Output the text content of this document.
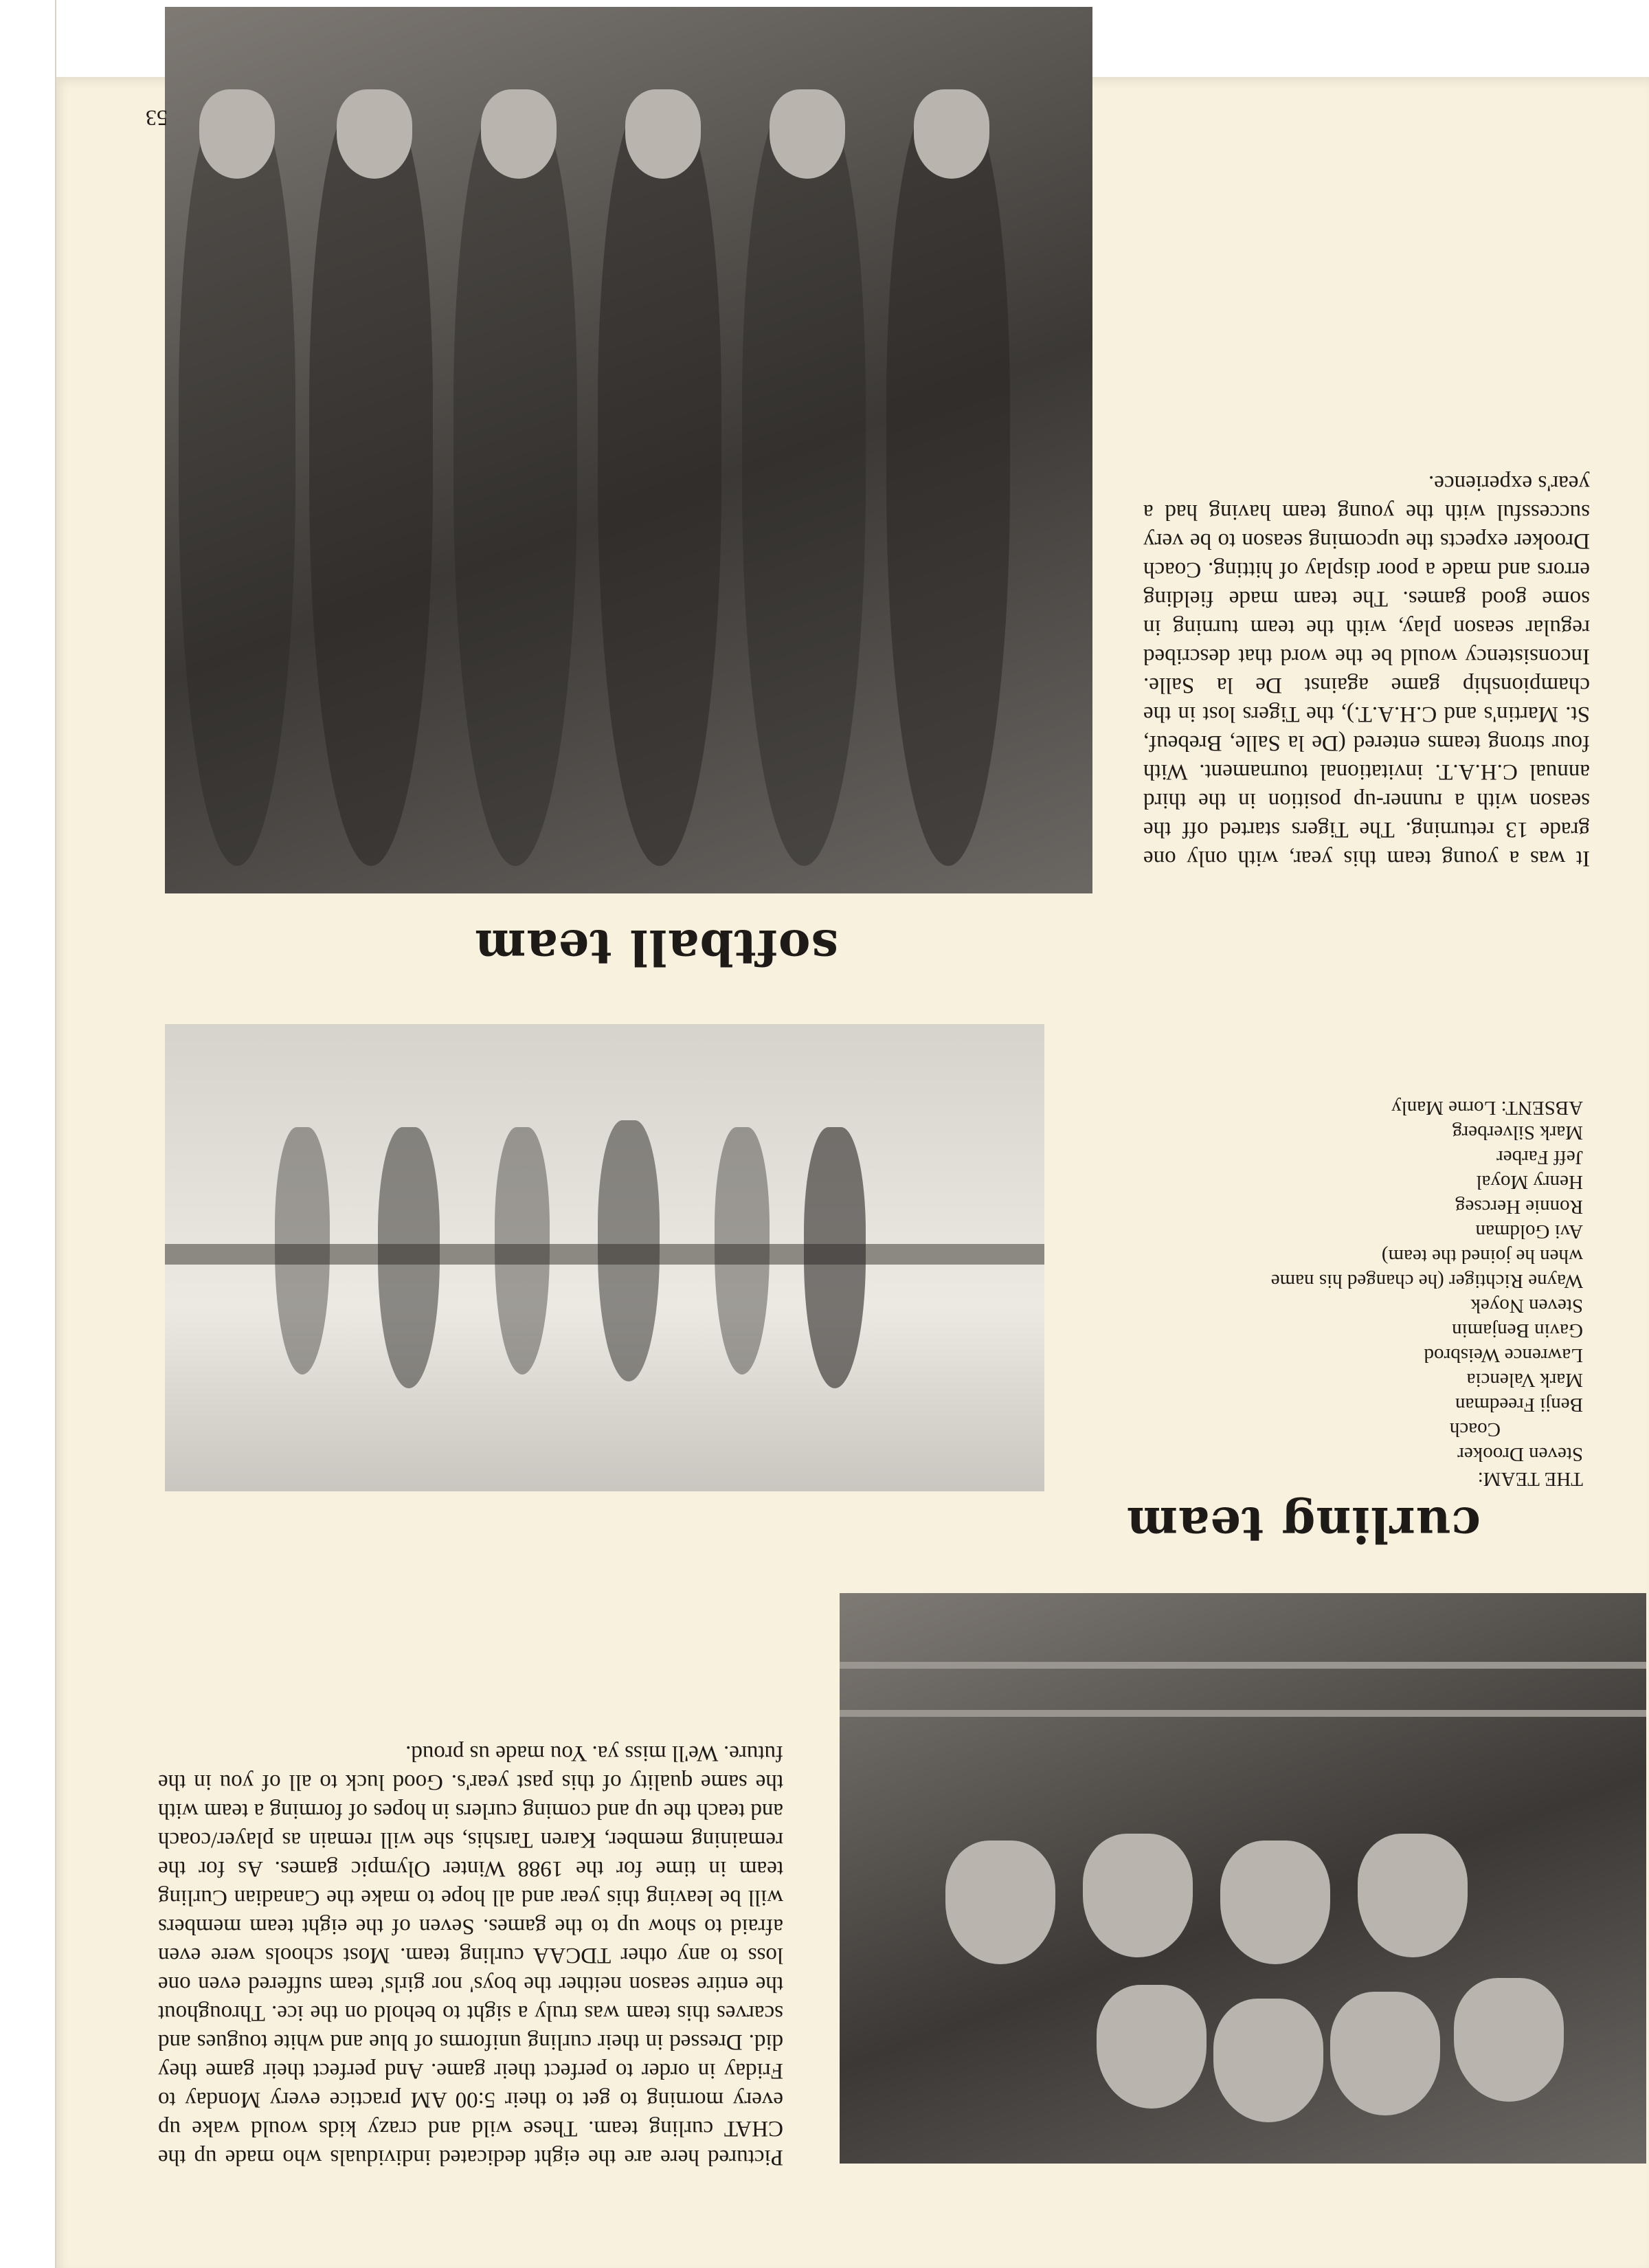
softball team
curling team

It was a young team this year, with only one grade 13 returning. The Tigers started off the season with a runner-up position in the third annual C.H.A.T. invitational tournament. With four strong teams entered (De la Salle, Brebeuf, St. Martin's and C.H.A.T.), the Tigers lost in the championship game against De la Salle. Inconsistency would be the word that described regular season play, with the team turning in some good games. The team made fielding errors and made a poor display of hitting. Coach Drooker expects the upcoming season to be very successful with the young team having had a year's experience.

THE TEAM:
Steven Drooker
Coach
Benji Freedman
Mark Valencia
Lawrence Weisbrod
Gavin Benjamin
Steven Noyek
Wayne Richtiger (he changed his name
when he joined the team)
Avi Goldman
Ronnie Hercseg
Henry Moyal
Jeff Farber
Mark Silverberg
ABSENT: Lorne Manly

Pictured here are the eight dedicated individuals who made up the CHAT curling team. These wild and crazy kids would wake up every morning to get to their 5:00 AM practice every Monday to Friday in order to perfect their game. And perfect their game they did. Dressed in their curling uniforms of blue and white tougues and scarves this team was truly a sight to behold on the ice. Throughout the entire season neither the boys' nor girls' team suffered even one loss to any other TDCAA curling team. Most schools were even afraid to show up to the games. Seven of the eight team members will be leaving this year and all hope to make the Canadian Curling team in time for the 1988 Winter Olympic games. As for the remaining member, Karen Tarshis, she will remain as player/coach and teach the up and coming curlers in hopes of forming a team with the same quality of this past year's. Good luck to all of you in the future. We'll miss ya. You made us proud.

53
